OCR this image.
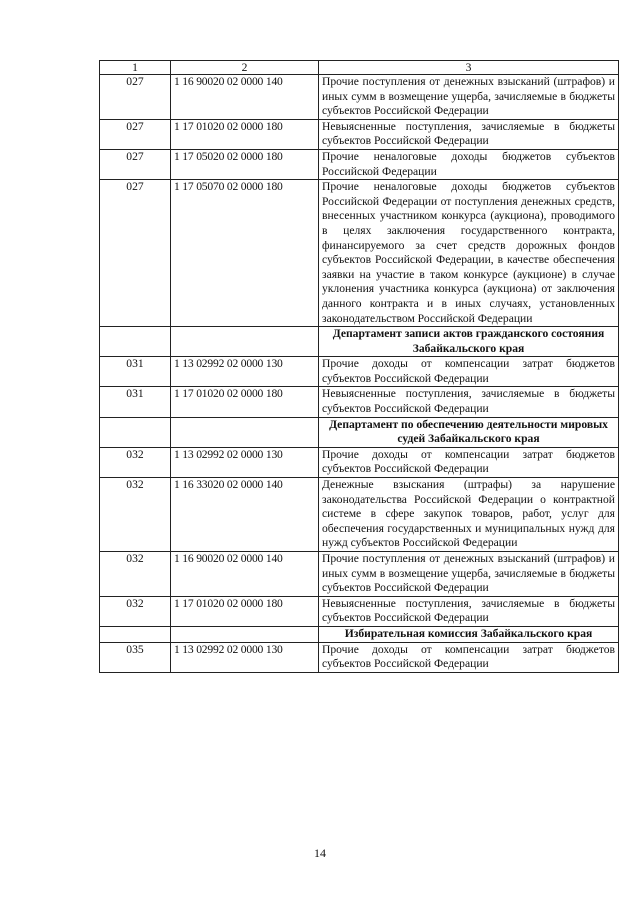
1	2	3
027	1 16 90020 02 0000 140	Прочие поступления от денежных взысканий (штрафов) и иных сумм в возмещение ущерба, зачисляемые в бюджеты субъектов Российской Федерации
027	1 17 01020 02 0000 180	Невыясненные поступления, зачисляемые в бюджеты субъектов Российской Федерации
027	1 17 05020 02 0000 180	Прочие неналоговые доходы бюджетов субъектов Российской Федерации
027	1 17 05070 02 0000 180	Прочие неналоговые доходы бюджетов субъектов Российской Федерации от поступления денежных средств, внесенных участником конкурса (аукциона), проводимого в целях заключения государственного контракта, финансируемого за счет средств дорожных фондов субъектов Российской Федерации, в качестве обеспечения заявки на участие в таком конкурсе (аукционе) в случае уклонения участника конкурса (аукциона) от заключения данного контракта и в иных случаях, установленных законодательством Российской Федерации
		Департамент записи актов гражданского состояния Забайкальского края
031	1 13 02992 02 0000 130	Прочие доходы от компенсации затрат бюджетов субъектов Российской Федерации
031	1 17 01020 02 0000 180	Невыясненные поступления, зачисляемые в бюджеты субъектов Российской Федерации
		Департамент по обеспечению деятельности мировых судей Забайкальского края
032	1 13 02992 02 0000 130	Прочие доходы от компенсации затрат бюджетов субъектов Российской Федерации
032	1 16 33020 02 0000 140	Денежные взыскания (штрафы) за нарушение законодательства Российской Федерации о контрактной системе в сфере закупок товаров, работ, услуг для обеспечения государственных и муниципальных нужд для нужд субъектов Российской Федерации
032	1 16 90020 02 0000 140	Прочие поступления от денежных взысканий (штрафов) и иных сумм в возмещение ущерба, зачисляемые в бюджеты субъектов Российской Федерации
032	1 17 01020 02 0000 180	Невыясненные поступления, зачисляемые в бюджеты субъектов Российской Федерации
		Избирательная комиссия Забайкальского края
035	1 13 02992 02 0000 130	Прочие доходы от компенсации затрат бюджетов субъектов Российской Федерации
14
